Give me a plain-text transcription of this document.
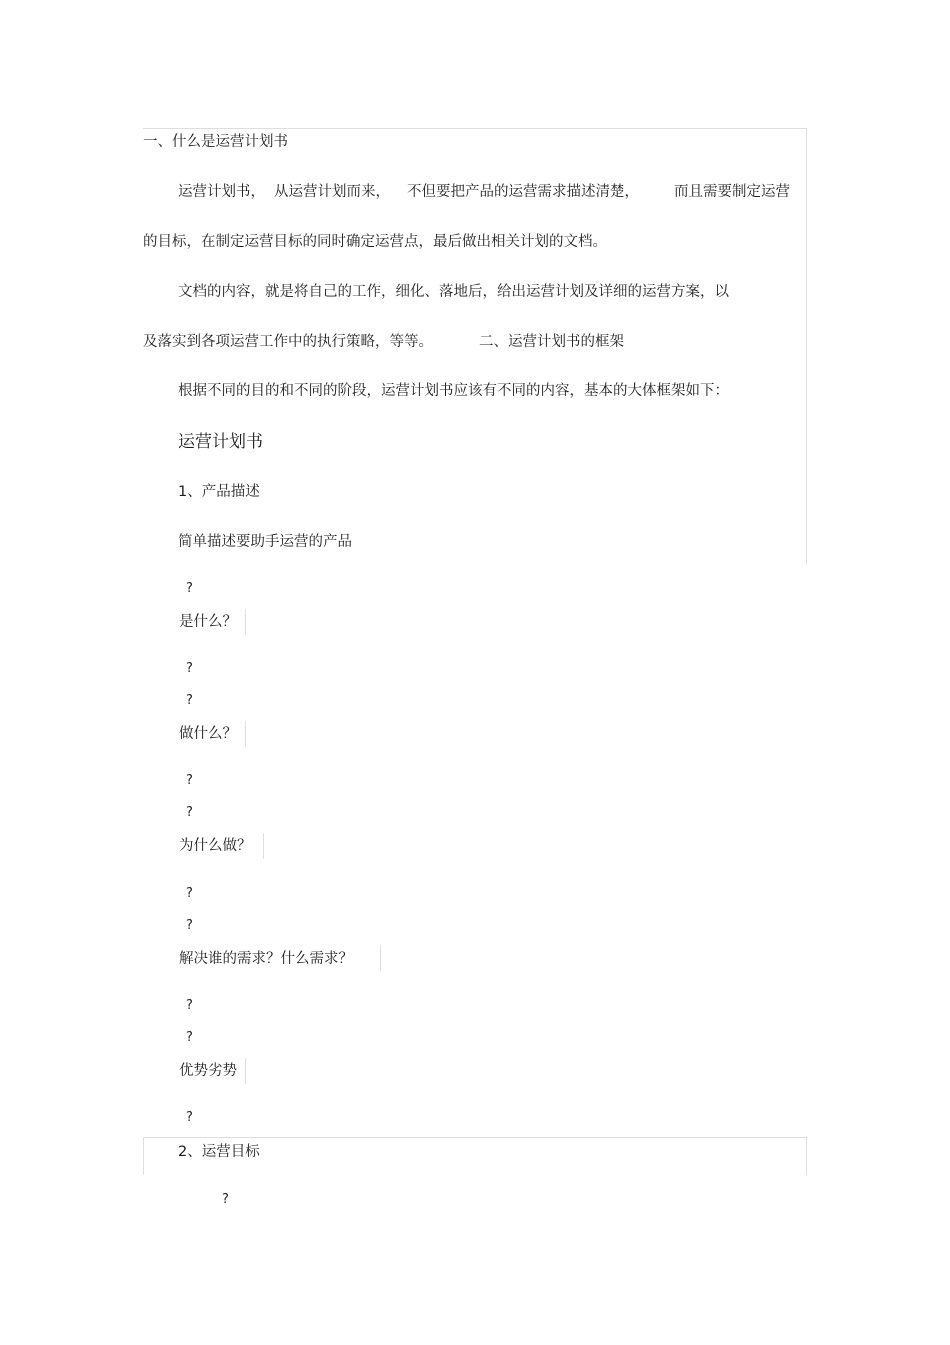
一、什么是运营计划书
运营计划书， 从运营计划而来， 不但要把产品的运营需求描述清楚， 而且需要制定运营
的目标，在制定运营目标的同时确定运营点，最后做出相关计划的文档。
文档的内容，就是将自己的工作，细化、落地后，给出运营计划及详细的运营方案，以
及落实到各项运营工作中的执行策略，等等。	二、运营计划书的框架
根据不同的目的和不同的阶段，运营计划书应该有不同的内容，基本的大体框架如下：
运营计划书
1、产品描述
简单描述要助手运营的产品
?
是什么？
?
?
做什么？
?
?
为什么做？
?
?
解决谁的需求？什么需求？
?
?
优势劣势
?
2、运营目标
?
